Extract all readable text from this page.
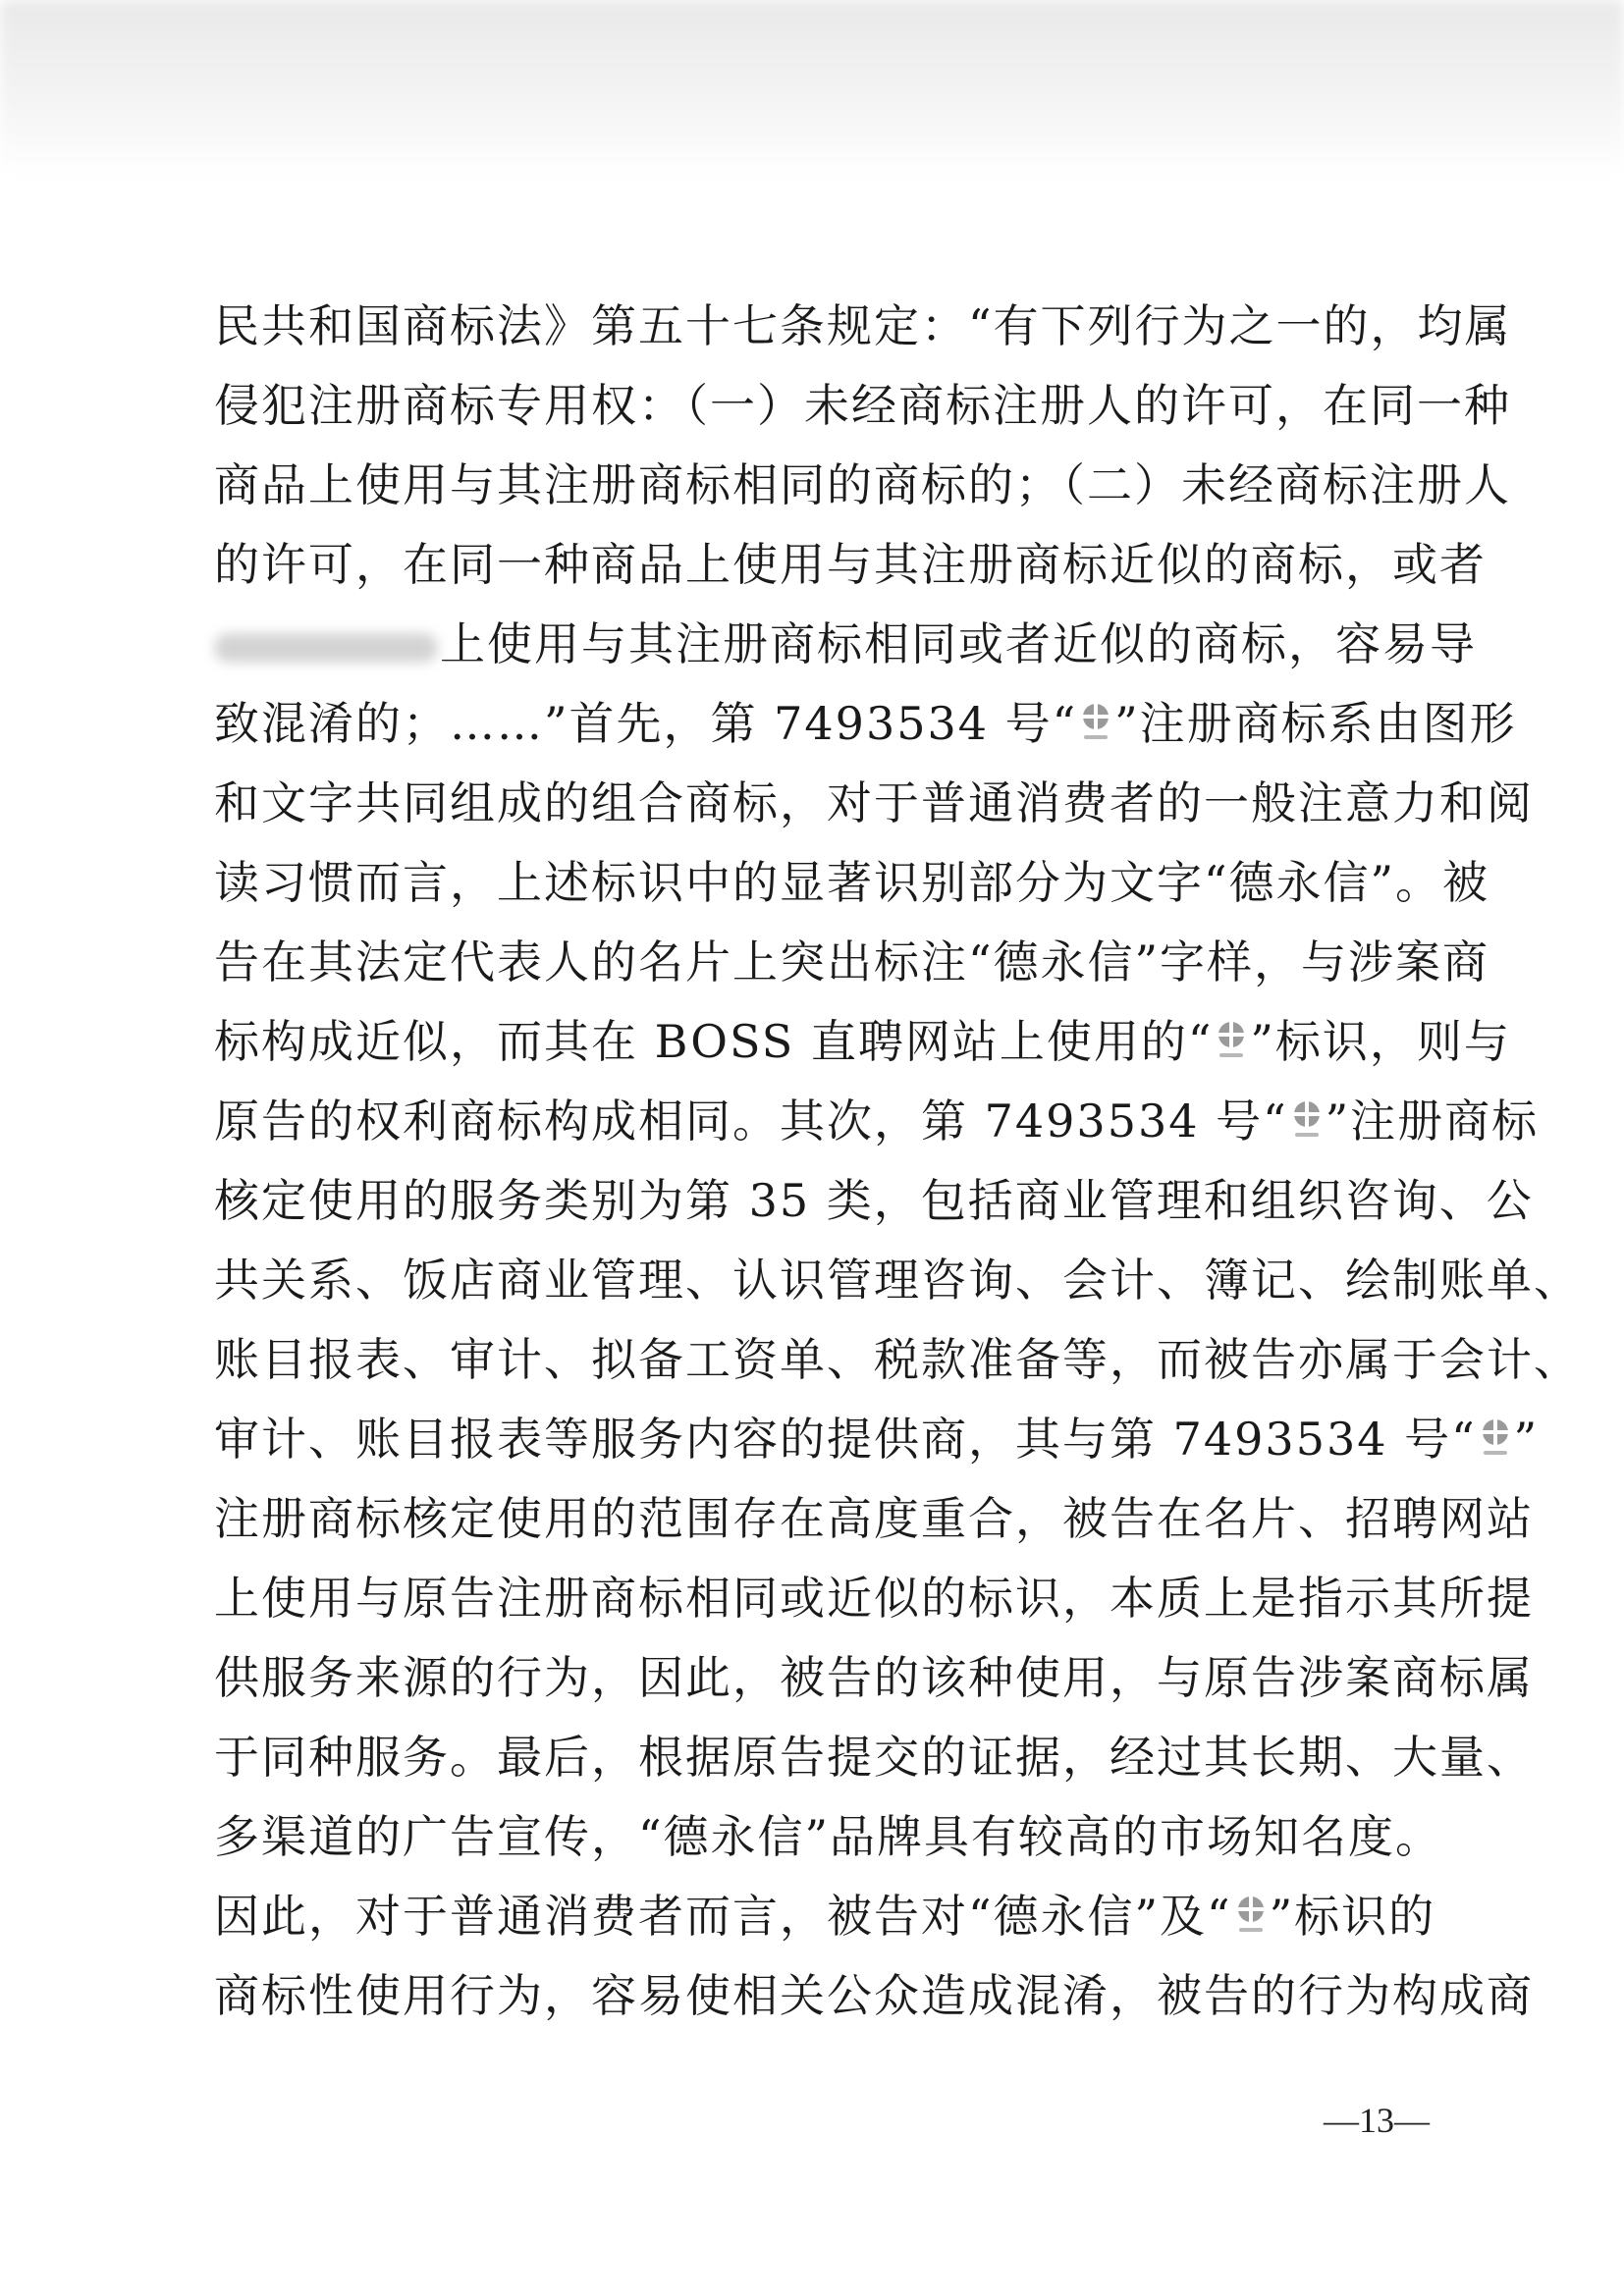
民共和国商标法》第五十七条规定：“有下列行为之一的，均属
侵犯注册商标专用权：（一）未经商标注册人的许可，在同一种
商品上使用与其注册商标相同的商标的；（二）未经商标注册人
的许可，在同一种商品上使用与其注册商标近似的商标，或者
上使用与其注册商标相同或者近似的商标，容易导
致混淆的；……”首先，第 7493534 号“ ”注册商标系由图形
和文字共同组成的组合商标，对于普通消费者的一般注意力和阅
读习惯而言，上述标识中的显著识别部分为文字“德永信”。被
告在其法定代表人的名片上突出标注“德永信”字样，与涉案商
标构成近似，而其在 BOSS 直聘网站上使用的“ ”标识，则与
原告的权利商标构成相同。其次，第 7493534 号“ ”注册商标
核定使用的服务类别为第 35 类，包括商业管理和组织咨询、公
共关系、饭店商业管理、认识管理咨询、会计、簿记、绘制账单、
账目报表、审计、拟备工资单、税款准备等，而被告亦属于会计、
审计、账目报表等服务内容的提供商，其与第 7493534 号“ ”
注册商标核定使用的范围存在高度重合，被告在名片、招聘网站
上使用与原告注册商标相同或近似的标识，本质上是指示其所提
供服务来源的行为，因此，被告的该种使用，与原告涉案商标属
于同种服务。最后，根据原告提交的证据，经过其长期、大量、
多渠道的广告宣传，“德永信”品牌具有较高的市场知名度。
因此，对于普通消费者而言，被告对“德永信”及“ ”标识的
商标性使用行为，容易使相关公众造成混淆，被告的行为构成商
—13—
